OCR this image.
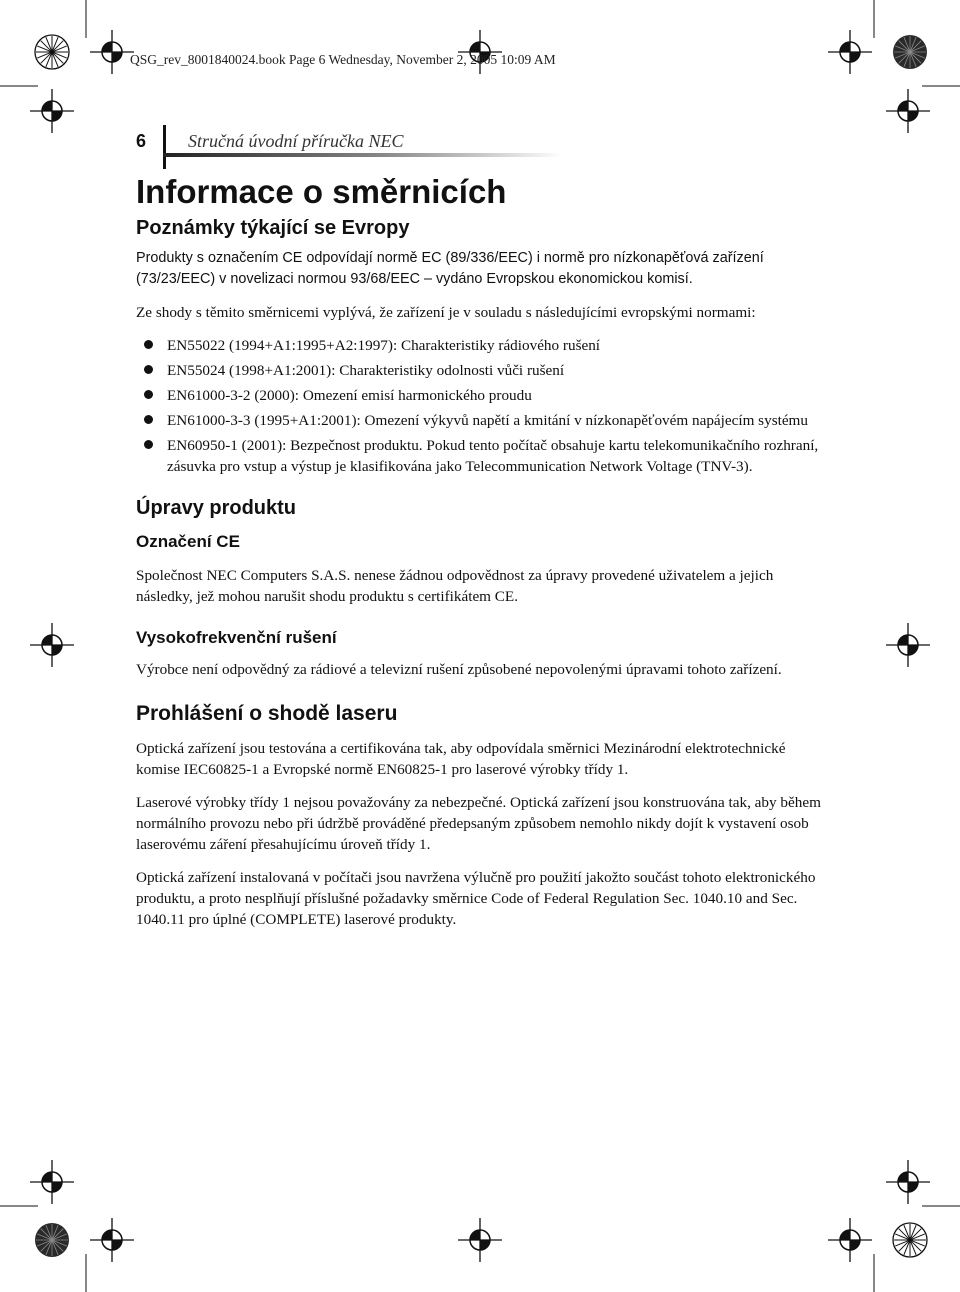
QSG_rev_8001840024.book Page 6 Wednesday, November 2, 2005 10:09 AM
6 Stručná úvodní příručka NEC
Informace o směrnicích
Poznámky týkající se Evropy

Produkty s označením CE odpovídají normě EC (89/336/EEC) i normě pro nízkonapěťová zařízení (73/23/EEC) v novelizaci normou 93/68/EEC – vydáno Evropskou ekonomickou komisí.

Ze shody s těmito směrnicemi vyplývá, že zařízení je v souladu s následujícími evropskými normami:

EN55022 (1994+A1:1995+A2:1997): Charakteristiky rádiového rušení
EN55024 (1998+A1:2001): Charakteristiky odolnosti vůči rušení
EN61000-3-2 (2000): Omezení emisí harmonického proudu
EN61000-3-3 (1995+A1:2001): Omezení výkyvů napětí a kmitání v nízkonapěťovém napájecím systému
EN60950-1 (2001): Bezpečnost produktu. Pokud tento počítač obsahuje kartu telekomunikačního rozhraní, zásuvka pro vstup a výstup je klasifikována jako Telecommunication Network Voltage (TNV-3).
Úpravy produktu
Označení CE

Společnost NEC Computers S.A.S. nenese žádnou odpovědnost za úpravy provedené uživatelem a jejich následky, jež mohou narušit shodu produktu s certifikátem CE.

Vysokofrekvenční rušení

Výrobce není odpovědný za rádiové a televizní rušení způsobené nepovolenými úpravami tohoto zařízení.

Prohlášení o shodě laseru

Optická zařízení jsou testována a certifikována tak, aby odpovídala směrnici Mezinárodní elektrotechnické komise IEC60825-1 a Evropské normě EN60825-1 pro laserové výrobky třídy 1.

Laserové výrobky třídy 1 nejsou považovány za nebezpečné. Optická zařízení jsou konstruována tak, aby během normálního provozu nebo při údržbě prováděné předepsaným způsobem nemohlo nikdy dojít k vystavení osob laserovému záření přesahujícímu úroveň třídy 1.

Optická zařízení instalovaná v počítači jsou navržena výlučně pro použití jakožto součást tohoto elektronického produktu, a proto nesplňují příslušné požadavky směrnice Code of Federal Regulation Sec. 1040.10 and Sec. 1040.11 pro úplné (COMPLETE) laserové produkty.
